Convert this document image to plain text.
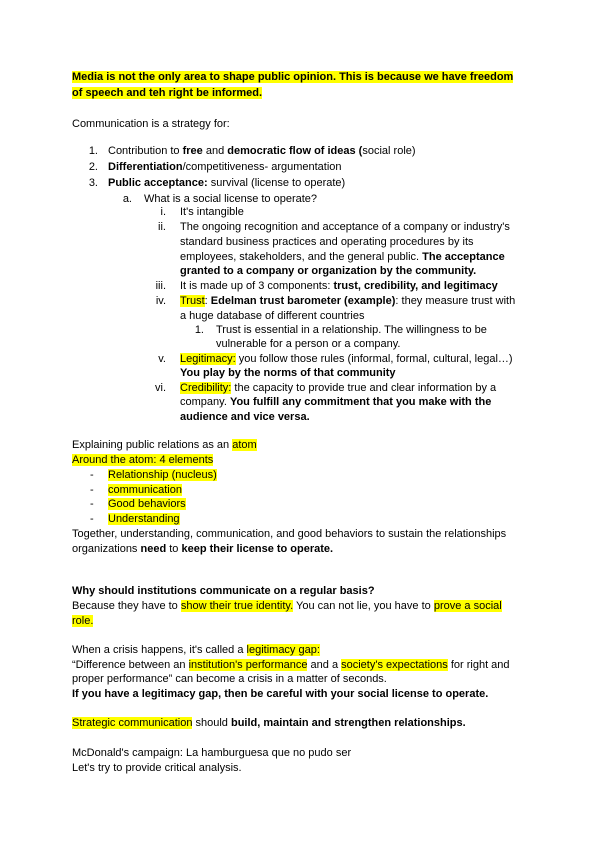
Media is not the only area to shape public opinion. This is because we have freedom
of speech and teh right be informed.
Communication is a strategy for:
1. Contribution to free and democratic flow of ideas (social role)
2. Differentiation/competitiveness- argumentation
3. Public acceptance: survival (license to operate)
a. What is a social license to operate?
i. It's intangible
ii. The ongoing recognition and acceptance of a company or industry's
standard business practices and operating procedures by its
employees, stakeholders, and the general public. The acceptance
granted to a company or organization by the community.
iii. It is made up of 3 components: trust, credibility, and legitimacy
iv. Trust: Edelman trust barometer (example): they measure trust with
a huge database of different countries
1. Trust is essential in a relationship. The willingness to be
vulnerable for a person or a company.
v. Legitimacy: you follow those rules (informal, formal, cultural, legal…)
You play by the norms of that community
vi. Credibility: the capacity to provide true and clear information by a
company. You fulfill any commitment that you make with the
audience and vice versa.
Explaining public relations as an atom
Around the atom: 4 elements
- Relationship (nucleus)
- communication
- Good behaviors
- Understanding
Together, understanding, communication, and good behaviors to sustain the relationships
organizations need to keep their license to operate.
Why should institutions communicate on a regular basis?
Because they have to show their true identity. You can not lie, you have to prove a social
role.
When a crisis happens, it's called a legitimacy gap:
“Difference between an institution's performance and a society's expectations for right and
proper performance” can become a crisis in a matter of seconds.
If you have a legitimacy gap, then be careful with your social license to operate.
Strategic communication should build, maintain and strengthen relationships.
McDonald's campaign: La hamburguesa que no pudo ser
Let's try to provide critical analysis.
